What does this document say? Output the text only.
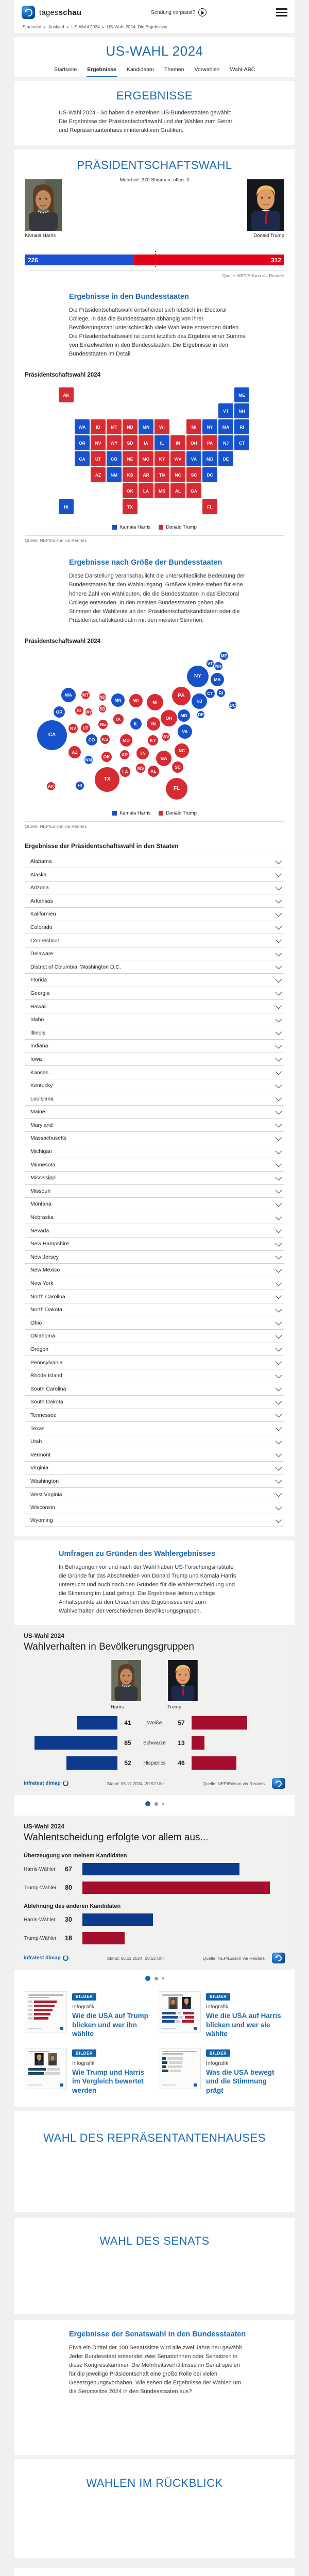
tagesschau	Sendung verpasst?
Startseite ▸ Ausland ▸ US-Wahl 2024 ▸ US-Wahl 2024: Die Ergebnisse
US-WAHL 2024
Startseite Ergebnisse Kandidaten Themen Vorwahlen Wahl-ABC
ERGEBNISSE

US-Wahl 2024 - So haben die einzelnen US-Bundesstaaten gewählt: Die Ergebnisse der Präsidentschaftswahl und der Wahlen zum Senat und Repräsentantenhaus in interaktiven Grafiken.

PRÄSIDENTSCHAFTSWAHL
Mehrheit: 270 Stimmen, offen: 0
Kamala Harris	Donald Trump
226	312
Quelle: NEP/Edison via Reuters
Ergebnisse in den Bundesstaaten

Die Präsidentschaftswahl entscheidet sich letztlich im Electoral College, in das die Bundesstaaten abhängig von ihrer Bevölkerungszahl unterschiedlich viele Wahlleute entsenden dürfen. Die Präsidentschaftswahl ist damit letztlich das Ergebnis einer Summe von Einzelwahlen in den Bundesstaaten. Die Ergebnisse in den Bundesstaaten im Detail.

Präsidentschaftswahl 2024
AK	ME
VT	NH
WA	ID	MT	ND	MN	WI	MI	NY	MA	RI
OR	NV	WY	SD	IA	IL	IN	OH	PA	NJ	CT
CA	UT	CO	NE	MO	KY	WV	VA	MD	DE
AZ	NM	KS	AR	TN	NC	SC	DC
OK	LA	MS	AL	GA
HI	TX	FL
Kamala Harris	Donald Trump
Quelle: NEP/Edison via Reuters
Ergebnisse nach Größe der Bundesstaaten

Diese Darstellung veranschaulicht die unterschiedliche Bedeutung der Bundesstaaten für den Wahlausgang. Größere Kreise stehen für eine höhere Zahl von Wahlleuten, die die Bundesstaaten in das Electoral College entsenden. In den meisten Bundesstaaten gehen alle Stimmen der Wahlleute an den Präsidentschaftskandidaten oder die Präsidentschaftskandidatin mit den meisten Stimmen.

Präsidentschaftswahl 2024
CA
WA
OR
NV
ID
UT
AZ
MT
WY
NM
CO
ND
SD
NE
KS
OK
TX
MN
IA
MO
AR
LA
WI
IL
MS
MI
IN
KY
TN
AL
OH
WV
GA
PA
VA
NC
SC
FL
MD	DE
NJ
NY
CT	RI
MA
VT NH
ME
AK	HI
DC
Kamala Harris	Donald Trump
Quelle: NEP/Edison via Reuters
Ergebnisse der Präsidentschaftswahl in den Staaten
Alabama
Alaska
Arizona
Arkansas
Kalifornien
Colorado
Connecticut
Delaware
District of Columbia, Washington D.C.
Florida
Georgia
Hawaii
Idaho
Illinois
Indiana
Iowa
Kansas
Kentucky
Louisiana
Maine
Maryland
Massachusetts
Michigan
Minnesota
Mississippi
Missouri
Montana
Nebraska
Nevada
New Hampshire
New Jersey
New Mexico
New York
North Carolina
North Dakota
Ohio
Oklahoma
Oregon
Pennsylvania
Rhode Island
South Carolina
South Dakota
Tennessee
Texas
Utah
Vermont
Virginia
Washington
West Virginia
Wisconsin
Wyoming
Umfragen zu Gründen des Wahlergebnisses

In Befragungen vor und nach der Wahl haben US-Forschungsinstitute die Gründe für das Abschneiden von Donald Trump und Kamala Harris untersucht und auch nach den Gründen für die Wahlentscheidung und die Stimmung im Land gefragt. Die Ergebnisse liefern wichtige Anhaltspunkte zu den Ursachen des Ergebnisses und zum Wahlverhalten der verschiedenen Bevölkerungsgruppen.

US-Wahl 2024
Wahlverhalten in Bevölkerungsgruppen
Harris	Trump
41	Weiße	57
85	Schwarze	13
52	Hispanics	46
infratest dimap	Stand: 06.11.2024, 20:52 Uhr	Quelle: NEP/Edison via Reuters
US-Wahl 2024
Wahlentscheidung erfolgte vor allem aus...
Überzeugung von meinem Kandidaten
Harris-Wähler	67
Trump-Wähler	80
Ablehnung des anderen Kandidaten
Harris-Wähler	30
Trump-Wähler	18
infratest dimap	Stand: 06.11.2024, 20:52 Uhr	Quelle: NEP/Edison via Reuters
BILDER
Infografik
Wie die USA auf Trump blicken und wer ihn wählte
BILDER
Infografik
Wie die USA auf Harris blicken und wer sie wählte
BILDER
Infografik
Wie Trump und Harris im Vergleich bewertet werden
BILDER
Infografik
Was die USA bewegt und die Stimmung prägt
WAHL DES REPRÄSENTANTENHAUSES
WAHL DES SENATS
Ergebnisse der Senatswahl in den Bundesstaaten

Etwa ein Drittel der 100 Senatssitze wird alle zwei Jahre neu gewählt. Jeder Bundesstaat entsendet zwei Senatorinnen oder Senatoren in diese Kongresskammer. Die Mehrheitsverhältnisse im Senat spielen für die jeweilige Präsidentschaft eine große Rolle bei vielen Gesetzgebungsvorhaben. Wie sehen die Ergebnisse der Wahlen um die Senatssitze 2024 in den Bundesstaaten aus?

WAHLEN IM RÜCKBLICK
